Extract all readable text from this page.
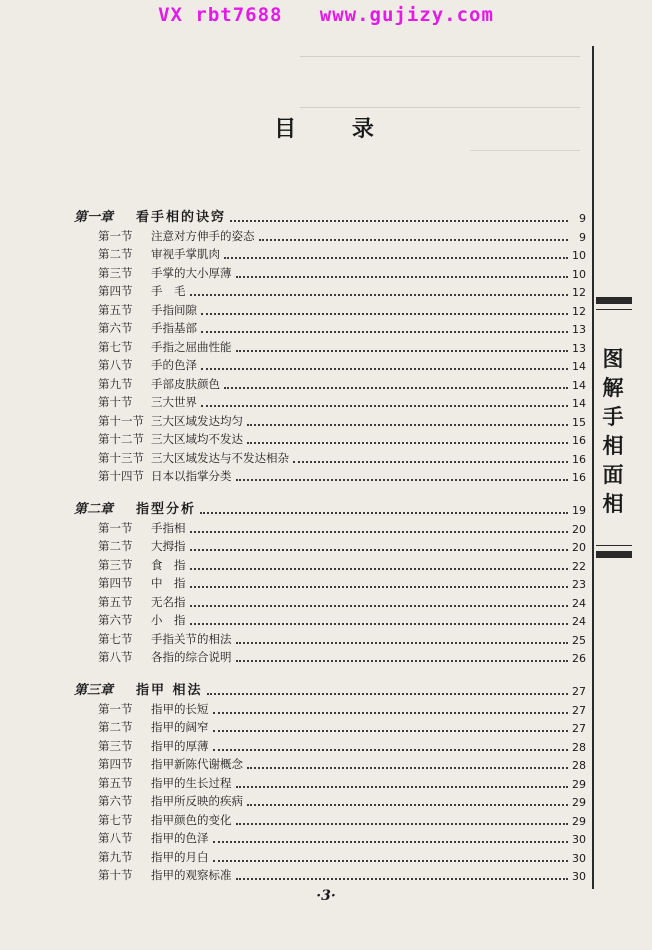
VX rbt7688   www.gujizy.com
图
解
手
相
面
相
目 录
第一章	看手相的诀窍	9
第一节	注意对方伸手的姿态	9
第二节	审视手掌肌肉	10
第三节	手掌的大小厚薄	10
第四节	手　毛	12
第五节	手指间隙	12
第六节	手指基部	13
第七节	手指之屈曲性能	13
第八节	手的色泽	14
第九节	手部皮肤颜色	14
第十节	三大世界	14
第十一节 三大区域发达均匀	15
第十二节 三大区域均不发达	16
第十三节 三大区域发达与不发达相杂	16
第十四节 日本以指掌分类	16
第二章	指型分析	19
第一节	手指相	20
第二节	大拇指	20
第三节	食　指	22
第四节	中　指	23
第五节	无名指	24
第六节	小　指	24
第七节	手指关节的相法	25
第八节	各指的综合说明	26
第三章	指甲 相法	27
第一节	指甲的长短	27
第二节	指甲的阔窄	27
第三节	指甲的厚薄	28
第四节	指甲新陈代谢概念	28
第五节	指甲的生长过程	29
第六节	指甲所反映的疾病	29
第七节	指甲颜色的变化	29
第八节	指甲的色泽	30
第九节	指甲的月白	30
第十节	指甲的观察标准	30
·3·
